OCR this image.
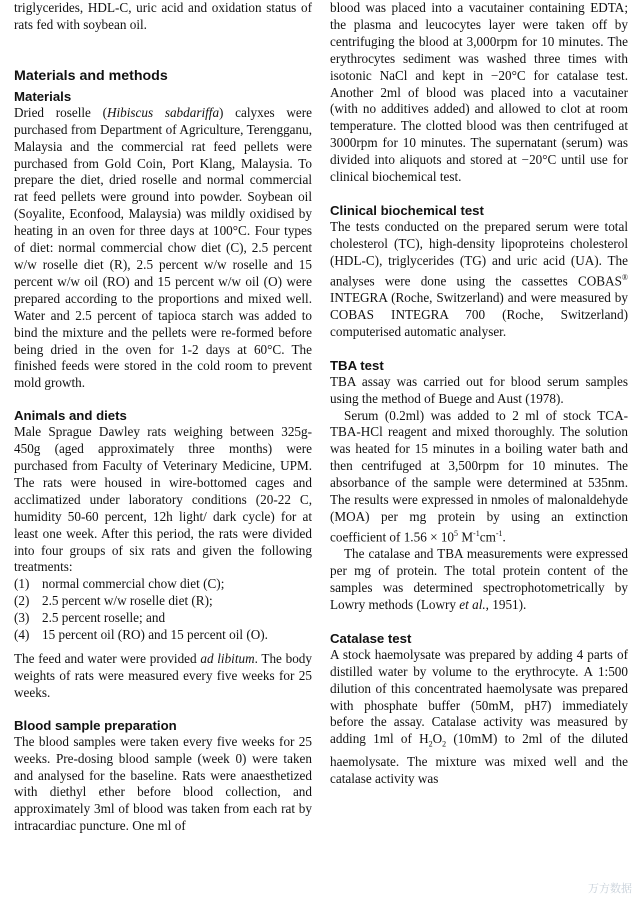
triglycerides, HDL-C, uric acid and oxidation status of rats fed with soybean oil.

Materials and methods
Materials

Dried roselle (Hibiscus sabdariffa) calyxes were purchased from Department of Agriculture, Terengganu, Malaysia and the commercial rat feed pellets were purchased from Gold Coin, Port Klang, Malaysia. To prepare the diet, dried roselle and normal commercial rat feed pellets were ground into powder. Soybean oil (Soyalite, Econfood, Malaysia) was mildly oxidised by heating in an oven for three days at 100°C. Four types of diet: normal commercial chow diet (C), 2.5 percent w/w roselle diet (R), 2.5 percent w/w roselle and 15 percent w/w oil (RO) and 15 percent w/w oil (O) were prepared according to the proportions and mixed well. Water and 2.5 percent of tapioca starch was added to bind the mixture and the pellets were re-formed before being dried in the oven for 1-2 days at 60°C. The finished feeds were stored in the cold room to prevent mold growth.

Animals and diets

Male Sprague Dawley rats weighing between 325g-450g (aged approximately three months) were purchased from Faculty of Veterinary Medicine, UPM. The rats were housed in wire-bottomed cages and acclimatized under laboratory conditions (20-22 C, humidity 50-60 percent, 12h light/ dark cycle) for at least one week. After this period, the rats were divided into four groups of six rats and given the following treatments:

(1) normal commercial chow diet (C);
(2) 2.5 percent w/w roselle diet (R);
(3) 2.5 percent roselle; and
(4) 15 percent oil (RO) and 15 percent oil (O).

The feed and water were provided ad libitum. The body weights of rats were measured every five weeks for 25 weeks.

Blood sample preparation

The blood samples were taken every five weeks for 25 weeks. Pre-dosing blood sample (week 0) were taken and analysed for the baseline. Rats were anaesthetized with diethyl ether before blood collection, and approximately 3ml of blood was taken from each rat by intracardiac puncture. One ml of

blood was placed into a vacutainer containing EDTA; the plasma and leucocytes layer were taken off by centrifuging the blood at 3,000rpm for 10 minutes. The erythrocytes sediment was washed three times with isotonic NaCl and kept in −20°C for catalase test. Another 2ml of blood was placed into a vacutainer (with no additives added) and allowed to clot at room temperature. The clotted blood was then centrifuged at 3000rpm for 10 minutes. The supernatant (serum) was divided into aliquots and stored at −20°C until use for clinical biochemical test.

Clinical biochemical test

The tests conducted on the prepared serum were total cholesterol (TC), high-density lipoproteins cholesterol (HDL-C), triglycerides (TG) and uric acid (UA). The analyses were done using the cassettes COBAS® INTEGRA (Roche, Switzerland) and were measured by COBAS INTEGRA 700 (Roche, Switzerland) computerised automatic analyser.

TBA test

TBA assay was carried out for blood serum samples using the method of Buege and Aust (1978).

Serum (0.2ml) was added to 2 ml of stock TCA-TBA-HCl reagent and mixed thoroughly. The solution was heated for 15 minutes in a boiling water bath and then centrifuged at 3,500rpm for 10 minutes. The absorbance of the sample were determined at 535nm. The results were expressed in nmoles of malonaldehyde (MOA) per mg protein by using an extinction coefficient of $1.56 \times 10^5$ $M^{-1}cm^{-1}$.

The catalase and TBA measurements were expressed per mg of protein. The total protein content of the samples was determined spectrophotometrically by Lowry methods (Lowry et al., 1951).

Catalase test

A stock haemolysate was prepared by adding 4 parts of distilled water by volume to the erythrocyte. A 1:500 dilution of this concentrated haemolysate was prepared with phosphate buffer (50mM, pH7) immediately before the assay. Catalase activity was measured by adding 1ml of $H_2O_2$ (10mM) to 2ml of the diluted haemolysate. The mixture was mixed well and the catalase activity was

万方数据
